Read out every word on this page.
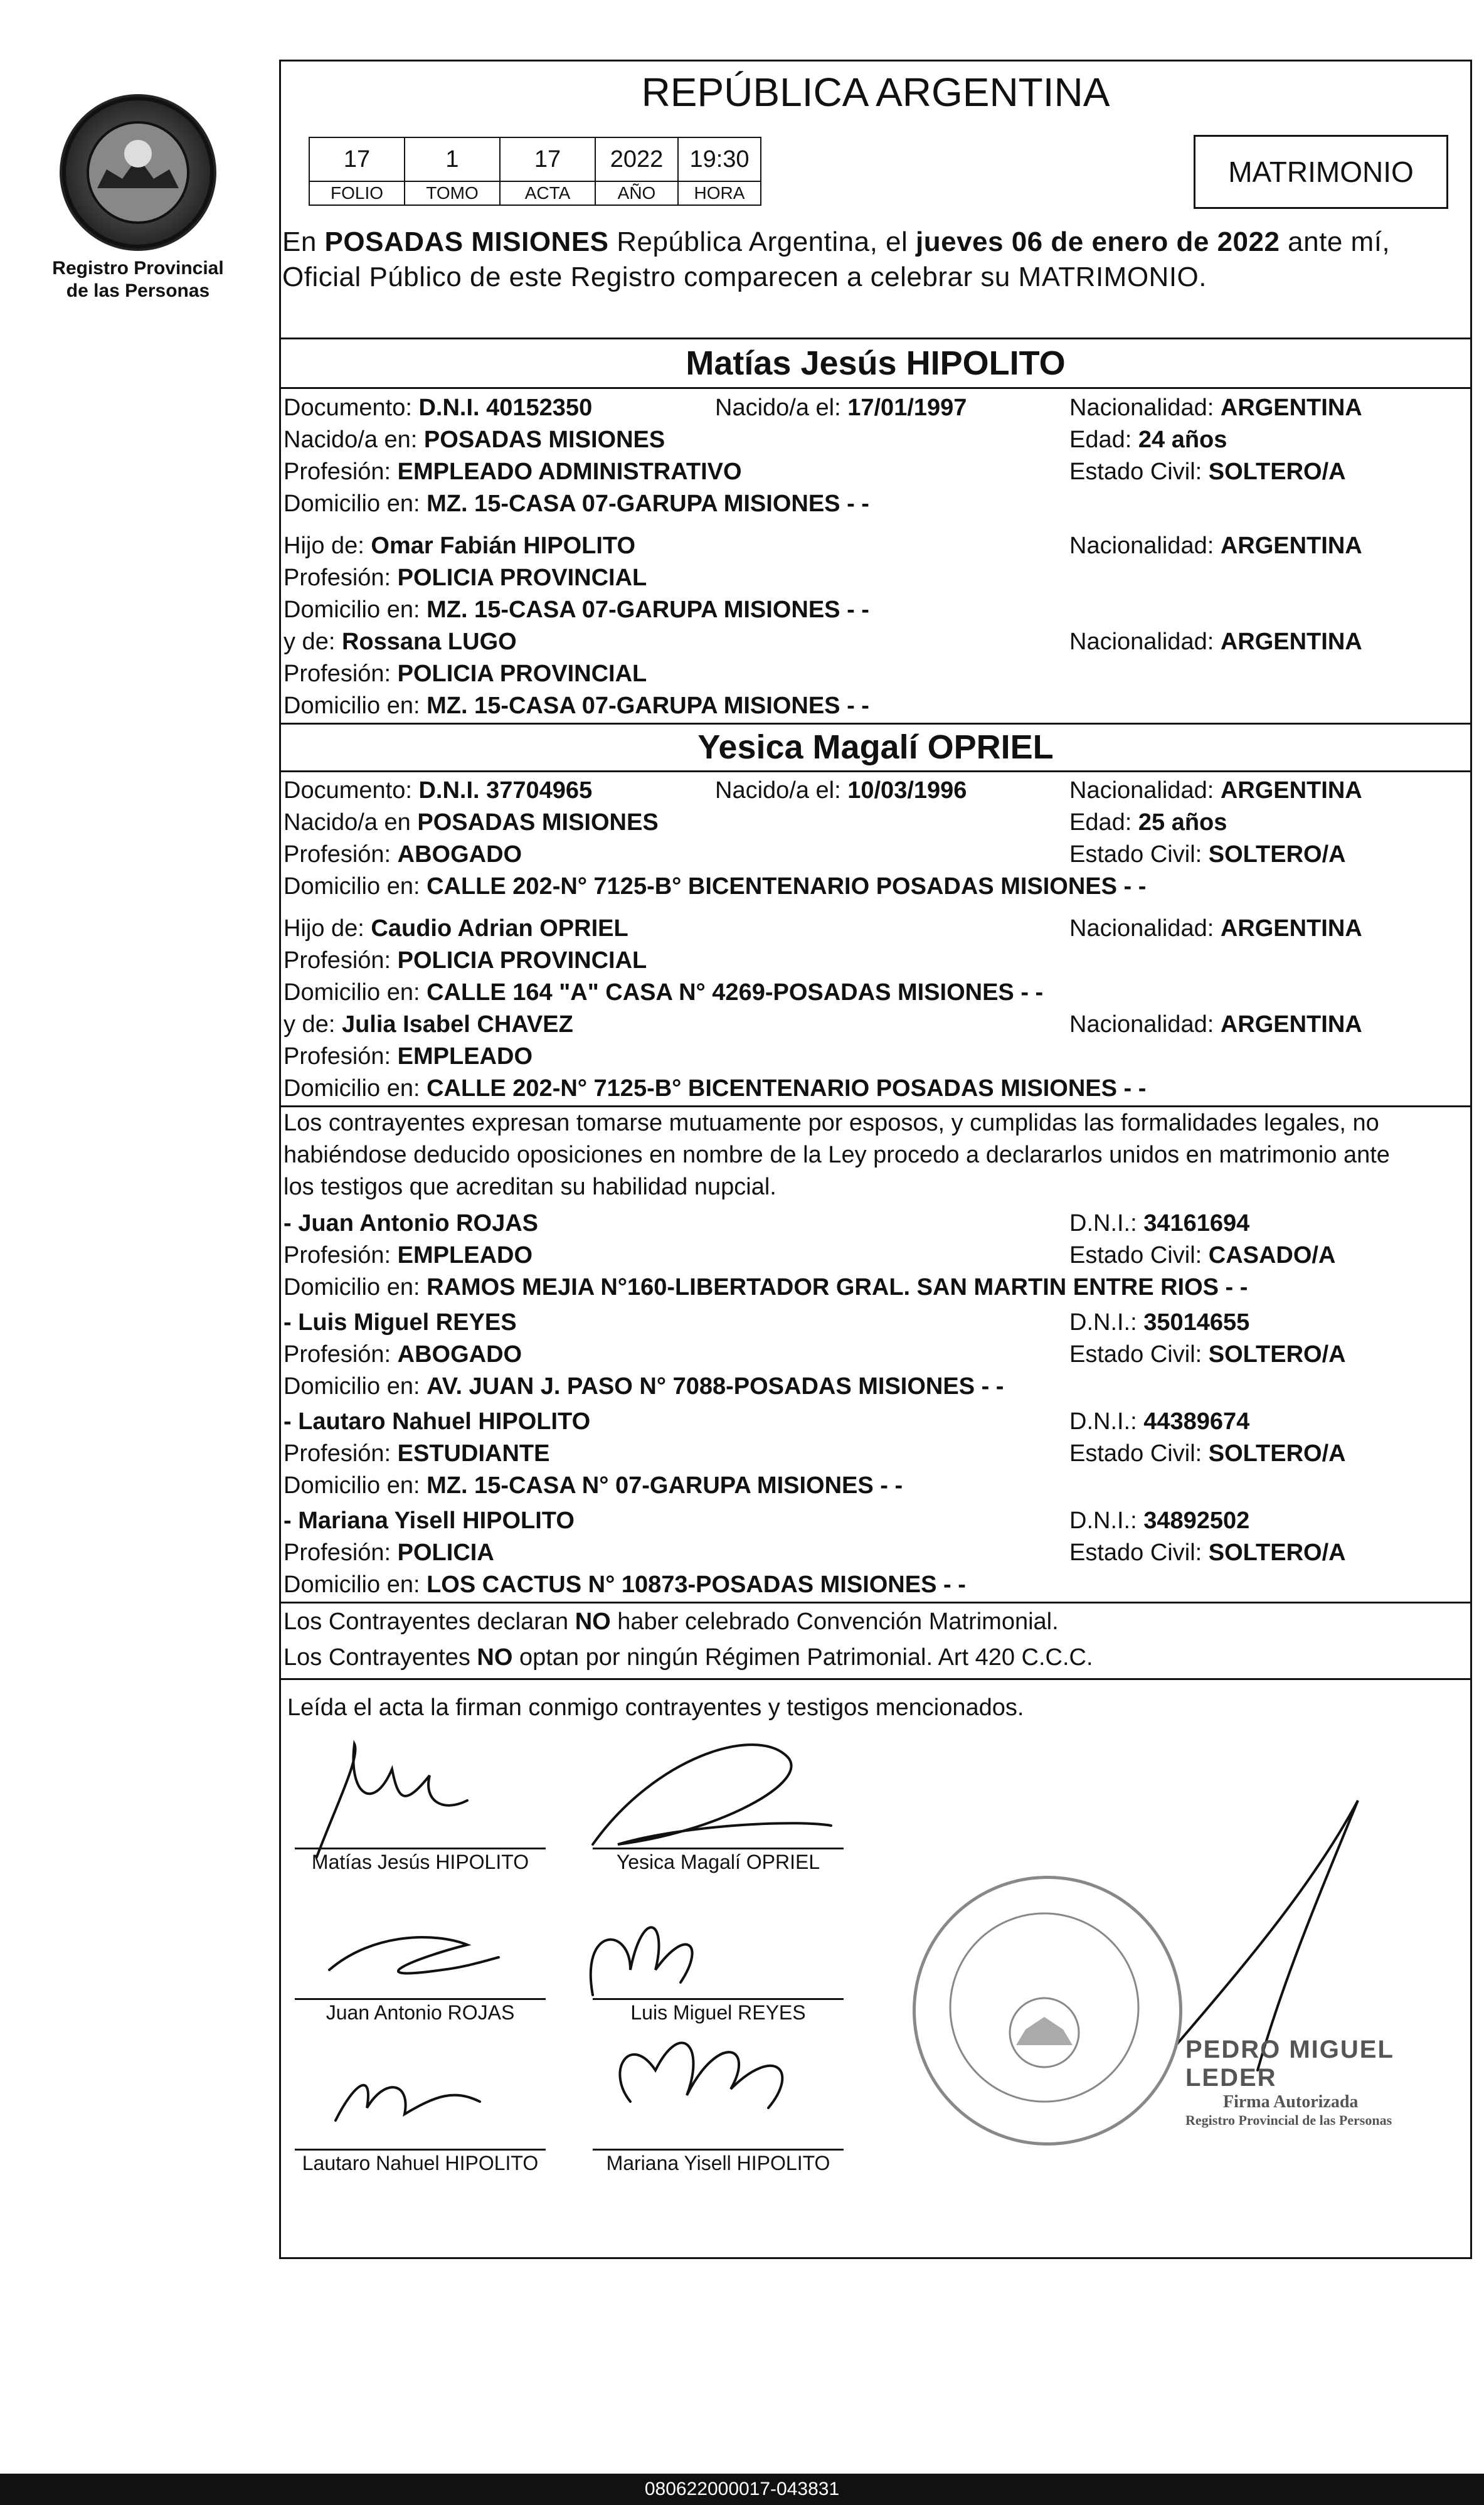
Registro Provincial
de las Personas
REPÚBLICA ARGENTINA
17	1	17	2022	19:30
FOLIO	TOMO	ACTA	AÑO	HORA
MATRIMONIO
En POSADAS MISIONES República Argentina, el jueves 06 de enero de 2022 ante mí,
Oficial Público de este Registro comparecen a celebrar su MATRIMONIO.
Matías Jesús HIPOLITO
Documento: D.N.I. 40152350	Nacido/a el: 17/01/1997	Nacionalidad: ARGENTINA
Nacido/a en: POSADAS MISIONES	Edad: 24 años
Profesión: EMPLEADO ADMINISTRATIVO	Estado Civil: SOLTERO/A
Domicilio en: MZ. 15-CASA 07-GARUPA MISIONES - -
Hijo de: Omar Fabián HIPOLITO	Nacionalidad: ARGENTINA
Profesión: POLICIA PROVINCIAL
Domicilio en: MZ. 15-CASA 07-GARUPA MISIONES - -
y de: Rossana LUGO	Nacionalidad: ARGENTINA
Profesión: POLICIA PROVINCIAL
Domicilio en: MZ. 15-CASA 07-GARUPA MISIONES - -
Yesica Magalí OPRIEL
Documento: D.N.I. 37704965	Nacido/a el: 10/03/1996	Nacionalidad: ARGENTINA
Nacido/a en POSADAS MISIONES	Edad: 25 años
Profesión: ABOGADO	Estado Civil: SOLTERO/A
Domicilio en: CALLE 202-N° 7125-B° BICENTENARIO POSADAS MISIONES - -
Hijo de: Caudio Adrian OPRIEL	Nacionalidad: ARGENTINA
Profesión: POLICIA PROVINCIAL
Domicilio en: CALLE 164 "A" CASA N° 4269-POSADAS MISIONES - -
y de: Julia Isabel CHAVEZ	Nacionalidad: ARGENTINA
Profesión: EMPLEADO
Domicilio en: CALLE 202-N° 7125-B° BICENTENARIO POSADAS MISIONES - -
Los contrayentes expresan tomarse mutuamente por esposos, y cumplidas las formalidades legales, no
habiéndose deducido oposiciones en nombre de la Ley procedo a declararlos unidos en matrimonio ante
los testigos que acreditan su habilidad nupcial.
- Juan Antonio ROJAS	D.N.I.: 34161694
Profesión: EMPLEADO	Estado Civil: CASADO/A
Domicilio en: RAMOS MEJIA N°160-LIBERTADOR GRAL. SAN MARTIN ENTRE RIOS - -
- Luis Miguel REYES	D.N.I.: 35014655
Profesión: ABOGADO	Estado Civil: SOLTERO/A
Domicilio en: AV. JUAN J. PASO N° 7088-POSADAS MISIONES - -
- Lautaro Nahuel HIPOLITO	D.N.I.: 44389674
Profesión: ESTUDIANTE	Estado Civil: SOLTERO/A
Domicilio en: MZ. 15-CASA N° 07-GARUPA MISIONES - -
- Mariana Yisell HIPOLITO	D.N.I.: 34892502
Profesión: POLICIA	Estado Civil: SOLTERO/A
Domicilio en: LOS CACTUS N° 10873-POSADAS MISIONES - -
Los Contrayentes declaran NO haber celebrado Convención Matrimonial.
Los Contrayentes NO optan por ningún Régimen Patrimonial. Art 420 C.C.C.
Leída el acta la firman conmigo contrayentes y testigos mencionados.
Matías Jesús HIPOLITO	Yesica Magalí OPRIEL
Juan Antonio ROJAS	Luis Miguel REYES
Lautaro Nahuel HIPOLITO	Mariana Yisell HIPOLITO
PEDRO MIGUEL LEDER
Firma Autorizada
Registro Provincial de las Personas
080622000017-043831
